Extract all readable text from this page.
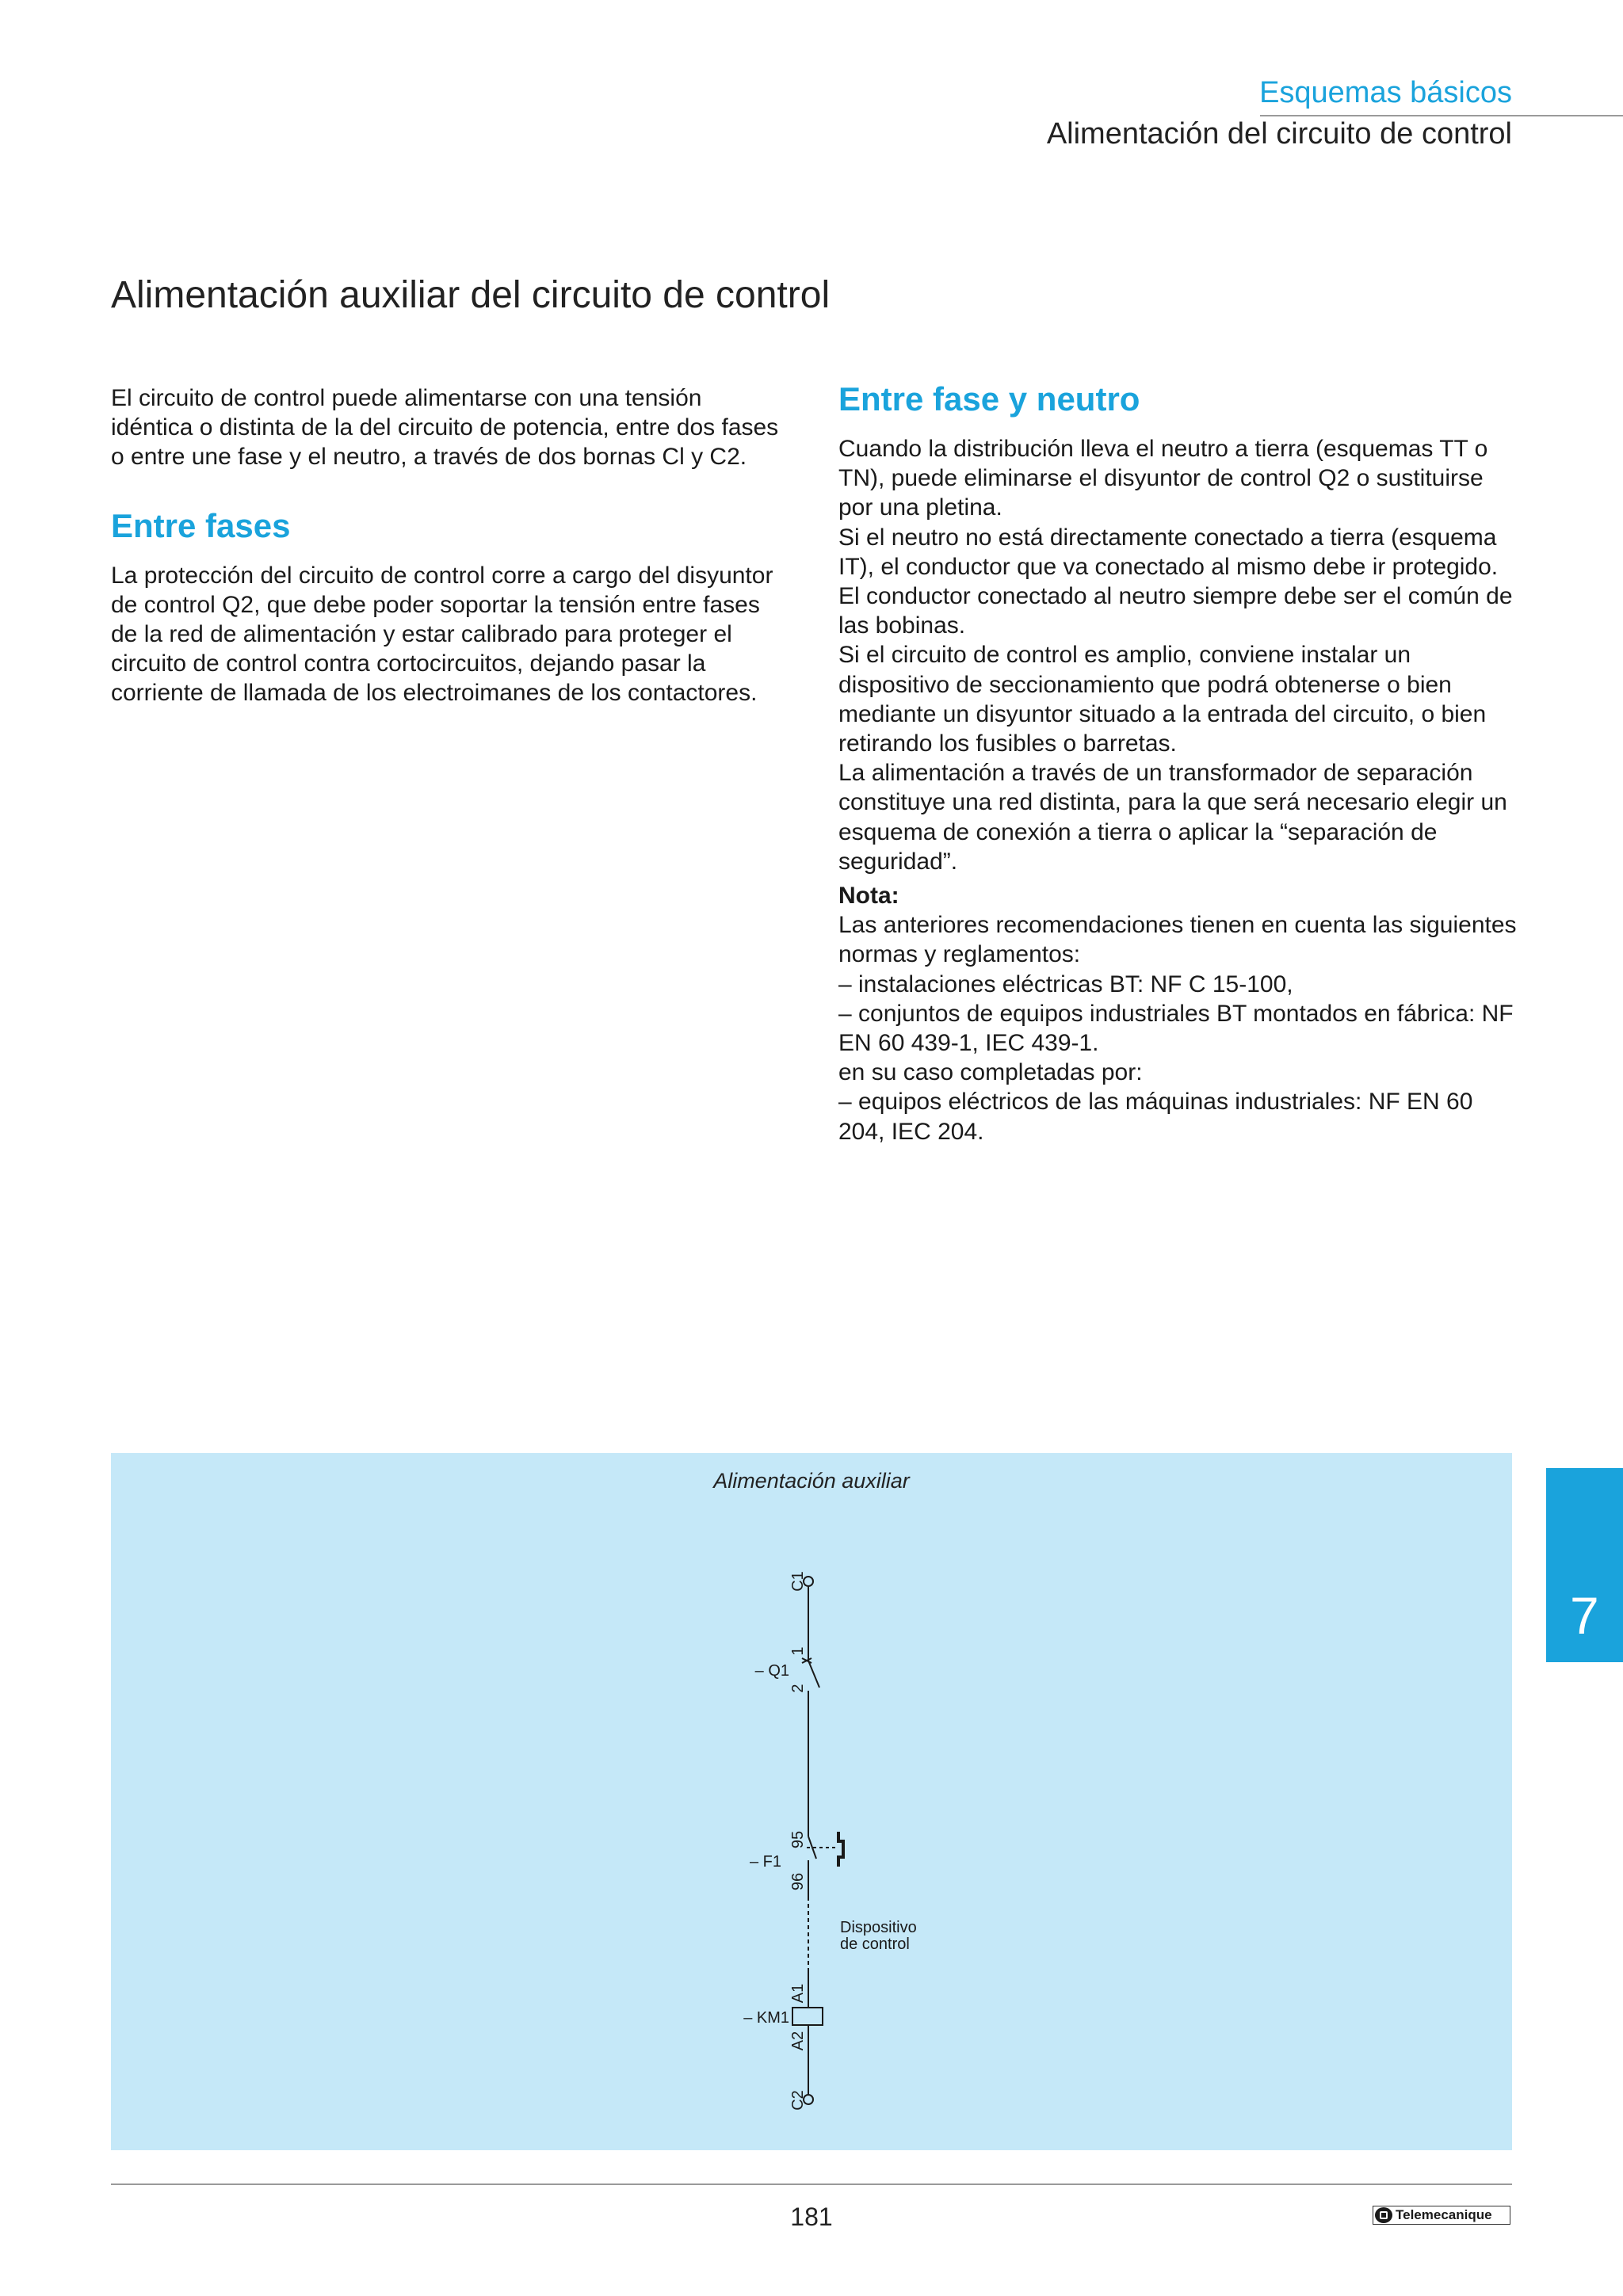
Esquemas básicos
Alimentación del circuito de control
Alimentación auxiliar del circuito de control

El circuito de control puede alimentarse con una tensión idéntica o distinta de la del circuito de potencia, entre dos fases o entre une fase y el neutro, a través de dos bornas Cl y C2.

Entre fases

La protección del circuito de control corre a cargo del disyuntor de control Q2, que debe poder soportar la tensión entre fases de la red de alimentación y estar calibrado para proteger el circuito de control contra cortocircuitos, dejando pasar la corriente de llamada de los electroimanes de los contactores.

Entre fase y neutro

Cuando la distribución lleva el neutro a tierra (esquemas TT o TN), puede eliminarse el disyuntor de control Q2 o sustituirse por una pletina.

Si el neutro no está directamente conectado a tierra (esquema IT), el conductor que va conectado al mismo debe ir protegido.

El conductor conectado al neutro siempre debe ser el común de las bobinas.

Si el circuito de control es amplio, conviene instalar un dispositivo de seccionamiento que podrá obtenerse o bien mediante un disyuntor situado a la entrada del circuito, o bien retirando los fusibles o barretas.

La alimentación a través de un transformador de separación constituye una red distinta, para la que será necesario elegir un esquema de conexión a tierra o aplicar la “separación de seguridad”.

Nota:

Las anteriores recomendaciones tienen en cuenta las siguientes normas y reglamentos:

– instalaciones eléctricas BT: NF C 15-100,

– conjuntos de equipos industriales BT montados en fábrica: NF EN 60 439-1, IEC 439-1.

en su caso completadas por:

– equipos eléctricos de las máquinas industriales: NF EN 60 204, IEC 204.

Alimentación auxiliar
C1
1
2
– Q1
95
96
– F1
Dispositivo
de control
A1
A2
– KM1
C2
7
181	Telemecanique
